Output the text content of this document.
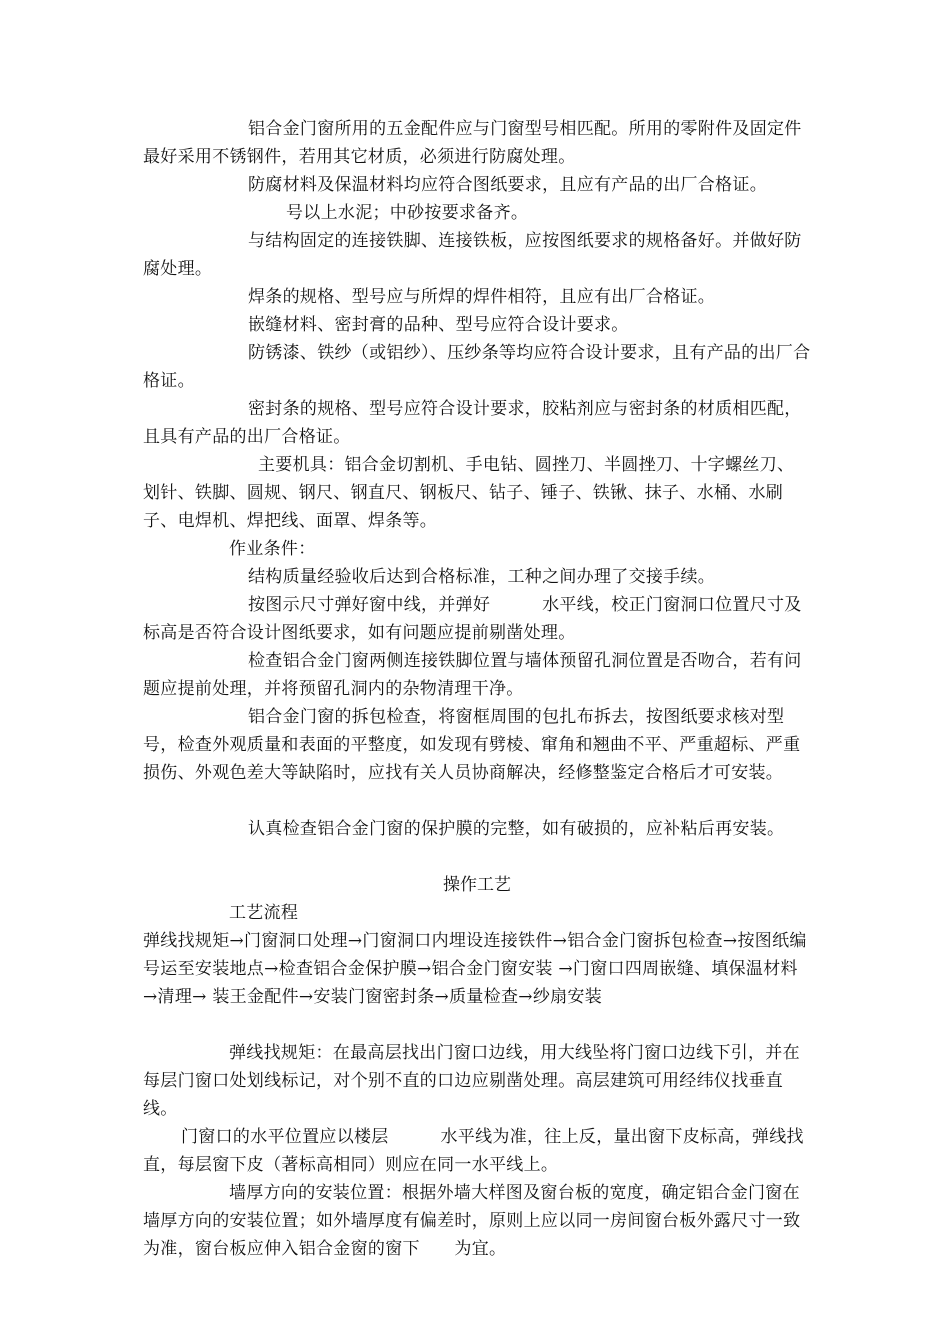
铝合金门窗所用的五金配件应与门窗型号相匹配。所用的零附件及固定件最好采用不锈钢件，若用其它材质，必须进行防腐处理。

防腐材料及保温材料均应符合图纸要求，且应有产品的出厂合格证。

号以上水泥；中砂按要求备齐。

与结构固定的连接铁脚、连接铁板，应按图纸要求的规格备好。并做好防腐处理。

焊条的规格、型号应与所焊的焊件相符，且应有出厂合格证。

嵌缝材料、密封膏的品种、型号应符合设计要求。

防锈漆、铁纱（或铝纱）、压纱条等均应符合设计要求，且有产品的出厂合格证。

密封条的规格、型号应符合设计要求，胶粘剂应与密封条的材质相匹配，且具有产品的出厂合格证。

主要机具：铝合金切割机、手电钻、圆挫刀、半圆挫刀、十字螺丝刀、划针、铁脚、圆规、钢尺、钢直尺、钢板尺、钻子、锤子、铁锹、抹子、水桶、水刷子、电焊机、焊把线、面罩、焊条等。

作业条件：

结构质量经验收后达到合格标准，工种之间办理了交接手续。

按图示尺寸弹好窗中线，并弹好　　　水平线，校正门窗洞口位置尺寸及标高是否符合设计图纸要求，如有问题应提前剔凿处理。

检查铝合金门窗两侧连接铁脚位置与墙体预留孔洞位置是否吻合，若有问题应提前处理，并将预留孔洞内的杂物清理干净。

铝合金门窗的拆包检查，将窗框周围的包扎布拆去，按图纸要求核对型号，检查外观质量和表面的平整度，如发现有劈棱、窜角和翘曲不平、严重超标、严重损伤、外观色差大等缺陷时，应找有关人员协商解决，经修整鉴定合格后才可安装。

认真检查铝合金门窗的保护膜的完整，如有破损的，应补粘后再安装。

操作工艺

工艺流程

弹线找规矩→门窗洞口处理→门窗洞口内埋设连接铁件→铝合金门窗拆包检查→按图纸编号运至安装地点→检查铝合金保护膜→铝合金门窗安装 →门窗口四周嵌缝、填保温材料→清理→ 装王金配件→安装门窗密封条→质量检查→纱扇安装

弹线找规矩：在最高层找出门窗口边线，用大线坠将门窗口边线下引，并在每层门窗口处划线标记，对个别不直的口边应剔凿处理。高层建筑可用经纬仪找垂直线。

门窗口的水平位置应以楼层　　　水平线为准，往上反，量出窗下皮标高，弹线找直，每层窗下皮（著标高相同）则应在同一水平线上。

墙厚方向的安装位置：根据外墙大样图及窗台板的宽度，确定铝合金门窗在墙厚方向的安装位置；如外墙厚度有偏差时，原则上应以同一房间窗台板外露尺寸一致为准，窗台板应伸入铝合金窗的窗下　　为宜。
